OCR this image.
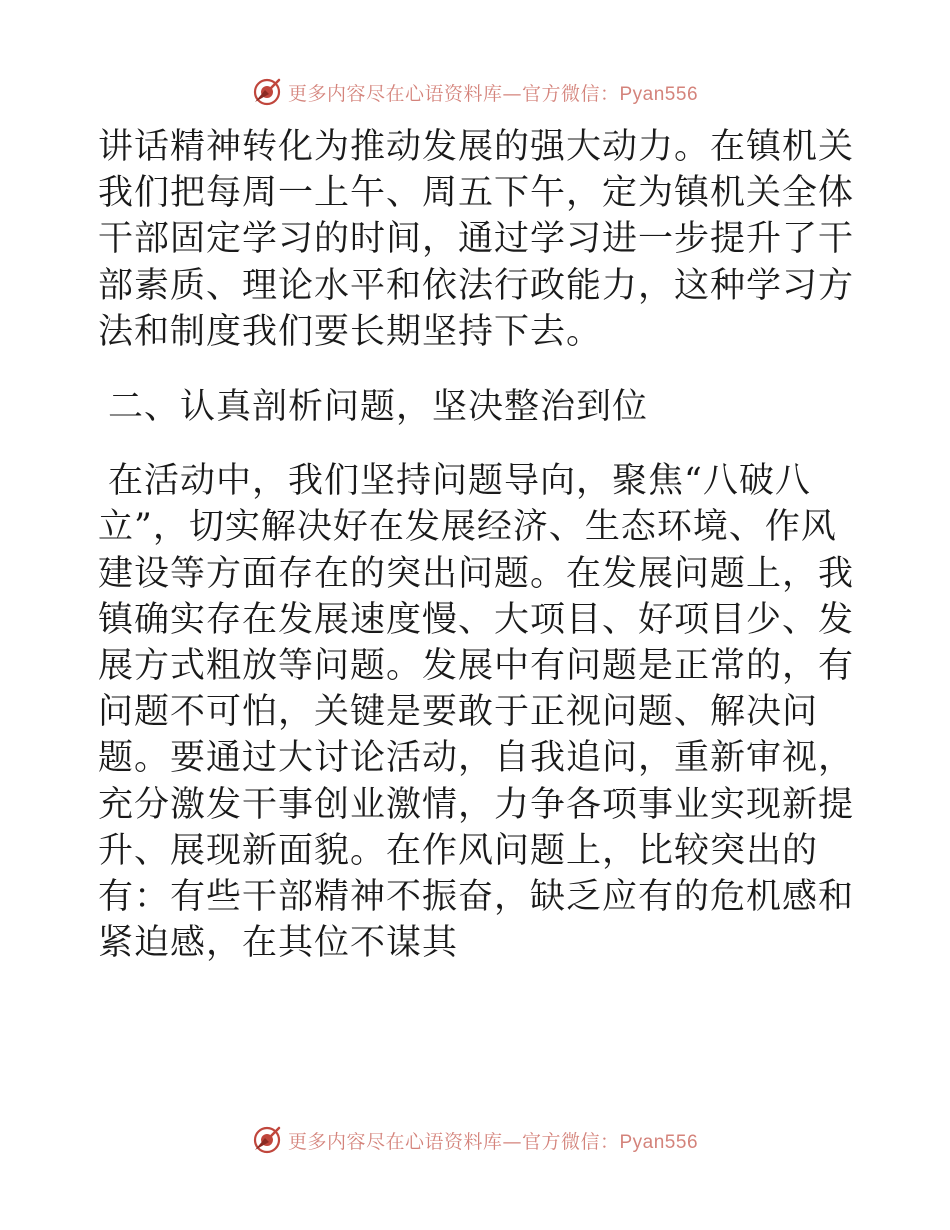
更多内容尽在心语资料库—官方微信：Pyan556

讲话精神转化为推动发展的强大动力。在镇机关我们把每周一上午、周五下午，定为镇机关全体干部固定学习的时间，通过学习进一步提升了干部素质、理论水平和依法行政能力，这种学习方法和制度我们要长期坚持下去。

二、认真剖析问题，坚决整治到位

在活动中，我们坚持问题导向，聚焦“八破八立”，切实解决好在发展经济、生态环境、作风建设等方面存在的突出问题。在发展问题上，我镇确实存在发展速度慢、大项目、好项目少、发展方式粗放等问题。发展中有问题是正常的，有问题不可怕，关键是要敢于正视问题、解决问题。要通过大讨论活动，自我追问，重新审视，充分激发干事创业激情，力争各项事业实现新提升、展现新面貌。在作风问题上，比较突出的有：有些干部精神不振奋，缺乏应有的危机感和紧迫感，在其位不谋其

更多内容尽在心语资料库—官方微信：Pyan556
